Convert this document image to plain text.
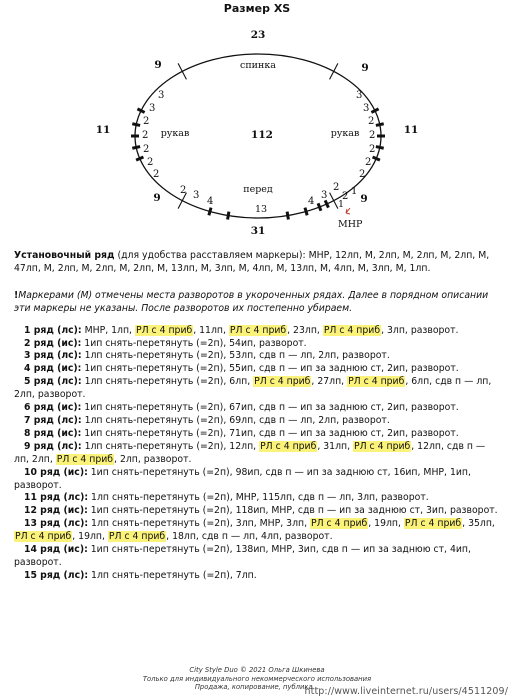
Размер XS
23
31
11	11
112
9	9
9	9
спинка
рукав	рукав
перед
13
МНР
1
3
3
2
2
2
2
2
3
3
2
2
2
2
2
2 3
4	4
3
2
2 1

Установочный ряд (для удобства расставляем маркеры): МНР, 12лп, М, 2лп, М, 2лп, М, 2лп, М, 47лп, М, 2лп, М, 2лп, М, 2лп, М, 13лп, М, 3лп, М, 4лп, М, 13лп, М, 4лп, М, 3лп, М, 1лп.

!Маркерами (М) отмечены места разворотов в укороченных рядах. Далее в порядном описании эти маркеры не указаны. После разворотов их постепенно убираем.

1 ряд (лс): МНР, 1лп, РЛ с 4 приб, 11лп, РЛ с 4 приб, 23лп, РЛ с 4 приб, 3лп, разворот.

2 ряд (ис): 1ип снять-перетянуть (=2п), 54ип, разворот.

3 ряд (лс): 1лп снять-перетянуть (=2п), 53лп, сдв п — лп, 2лп, разворот.

4 ряд (ис): 1ип снять-перетянуть (=2п), 55ип, сдв п — ип за заднюю ст, 2ип, разворот.

5 ряд (лс): 1лп снять-перетянуть (=2п), 6лп, РЛ с 4 приб, 27лп, РЛ с 4 приб, 6лп, сдв п — лп, 2лп, разворот.

6 ряд (ис): 1ип снять-перетянуть (=2п), 67ип, сдв п — ип за заднюю ст, 2ип, разворот.

7 ряд (лс): 1лп снять-перетянуть (=2п), 69лп, сдв п — лп, 2лп, разворот.

8 ряд (ис): 1ип снять-перетянуть (=2п), 71ип, сдв п — ип за заднюю ст, 2ип, разворот.

9 ряд (лс): 1лп снять-перетянуть (=2п), 12лп, РЛ с 4 приб, 31лп, РЛ с 4 приб, 12лп, сдв п — лп, 2лп, РЛ с 4 приб, 2лп, разворот.

10 ряд (ис): 1ип снять-перетянуть (=2п), 98ип, сдв п — ип за заднюю ст, 16ип, МНР, 1ип, разворот.

11 ряд (лс): 1лп снять-перетянуть (=2п), МНР, 115лп, сдв п — лп, 3лп, разворот.

12 ряд (ис): 1ип снять-перетянуть (=2п), 118ип, МНР, сдв п — ип за заднюю ст, 3ип, разворот.

13 ряд (лс): 1лп снять-перетянуть (=2п), 3лп, МНР, 3лп, РЛ с 4 приб, 19лп, РЛ с 4 приб, 35лп, РЛ с 4 приб, 19лп, РЛ с 4 приб, 18лп, сдв п — лп, 4лп, разворот.

14 ряд (ис): 1ип снять-перетянуть (=2п), 138ип, МНР, 3ип, сдв п — ип за заднюю ст, 4ип, разворот.

15 ряд (лс): 1лп снять-перетянуть (=2п), 7лп.

City Style Duo © 2021 Ольга Шкинева
Только для индивидуального некоммерческого использования
Продажа, копирование, публика...
http://www.liveinternet.ru/users/4511209/
